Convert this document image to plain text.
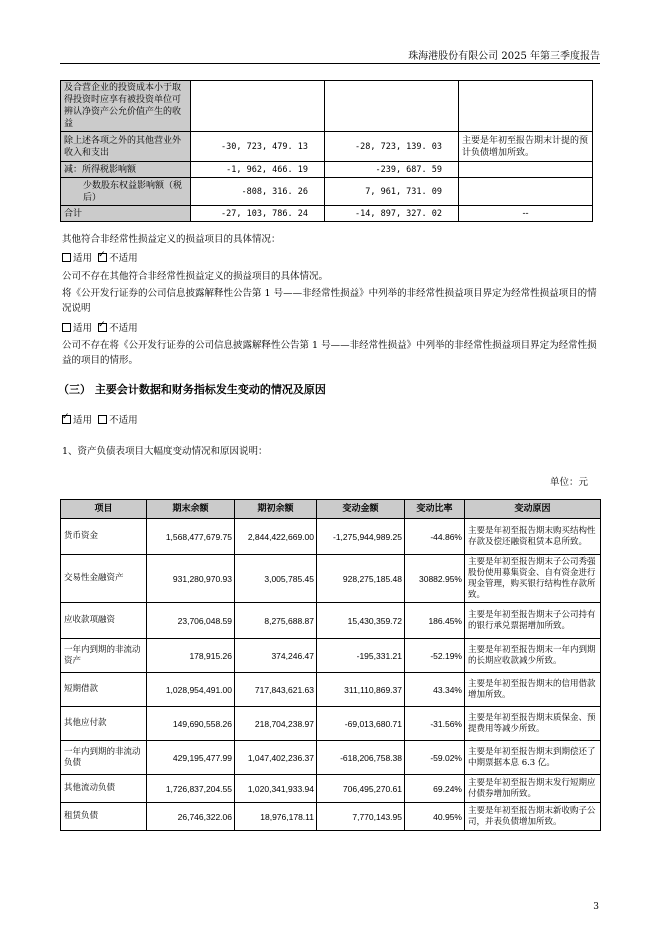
珠海港股份有限公司 2025 年第三季度报告
及合营企业的投资成本小于取得投资时应享有被投资单位可辨认净资产公允价值产生的收益			
除上述各项之外的其他营业外收入和支出	-30, 723, 479. 13	-28, 723, 139. 03	主要是年初至报告期末计提的预计负债增加所致。
减：所得税影响额	-1, 962, 466. 19	-239, 687. 59	
少数股东权益影响额（税后）	-808, 316. 26	7, 961, 731. 09	
合计	-27, 103, 786. 24	-14, 897, 327. 02	--
其他符合非经常性损益定义的损益项目的具体情况：
适用 ✓ 不适用
公司不存在其他符合非经常性损益定义的损益项目的具体情况。
将《公开发行证券的公司信息披露解释性公告第 1 号——非经常性损益》中列举的非经常性损益项目界定为经常性损益项目的情况说明
适用 ✓ 不适用
公司不存在将《公开发行证券的公司信息披露解释性公告第 1 号——非经常性损益》中列举的非经常性损益项目界定为经常性损益的项目的情形。
（三） 主要会计数据和财务指标发生变动的情况及原因
✓适用 不适用
1、资产负债表项目大幅度变动情况和原因说明：
单位：元
项目	期末余额	期初余额	变动金额	变动比率	变动原因
货币资金	1,568,477,679.75	2,844,422,669.00	-1,275,944,989.25	-44.86%	主要是年初至报告期末购买结构性存款及偿还融资租赁本息所致。
交易性金融资产	931,280,970.93	3,005,785.45	928,275,185.48	30882.95%	主要是年初至报告期末子公司秀强股份使用募集资金、自有资金进行现金管理，购买银行结构性存款所致。
应收款项融资	23,706,048.59	8,275,688.87	15,430,359.72	186.45%	主要是年初至报告期末子公司持有的银行承兑票据增加所致。
一年内到期的非流动资产	178,915.26	374,246.47	-195,331.21	-52.19%	主要是年初至报告期末一年内到期的长期应收款减少所致。
短期借款	1,028,954,491.00	717,843,621.63	311,110,869.37	43.34%	主要是年初至报告期末的信用借款增加所致。
其他应付款	149,690,558.26	218,704,238.97	-69,013,680.71	-31.56%	主要是年初至报告期末质保金、预提费用等减少所致。
一年内到期的非流动负债	429,195,477.99	1,047,402,236.37	-618,206,758.38	-59.02%	主要是年初至报告期末到期偿还了中期票据本息 6.3 亿。
其他流动负债	1,726,837,204.55	1,020,341,933.94	706,495,270.61	69.24%	主要是年初至报告期末发行短期应付债券增加所致。
租赁负债	26,746,322.06	18,976,178.11	7,770,143.95	40.95%	主要是年初至报告期末新收购子公司，并表负债增加所致。
3
